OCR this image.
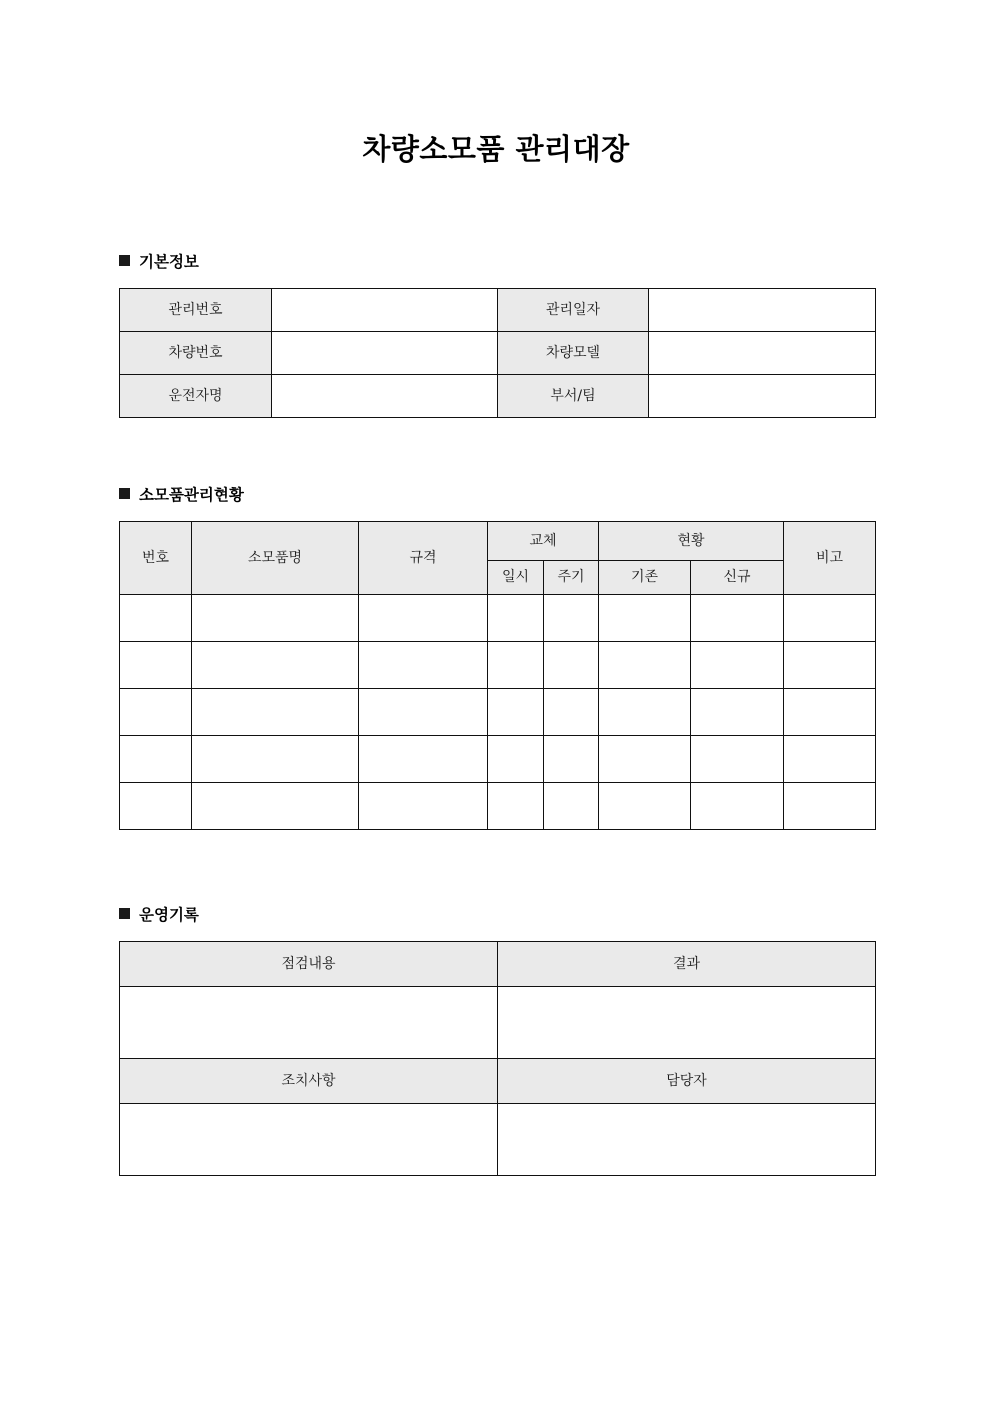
차량소모품 관리대장
기본정보
관리번호		관리일자	
차량번호		차량모델	
운전자명		부서/팀	
소모품관리현황
번호	소모품명	규격	교체		현황		비고
			일시	주기	기존	신규	

운영기록
점검내용	결과

조치사항	담당자
